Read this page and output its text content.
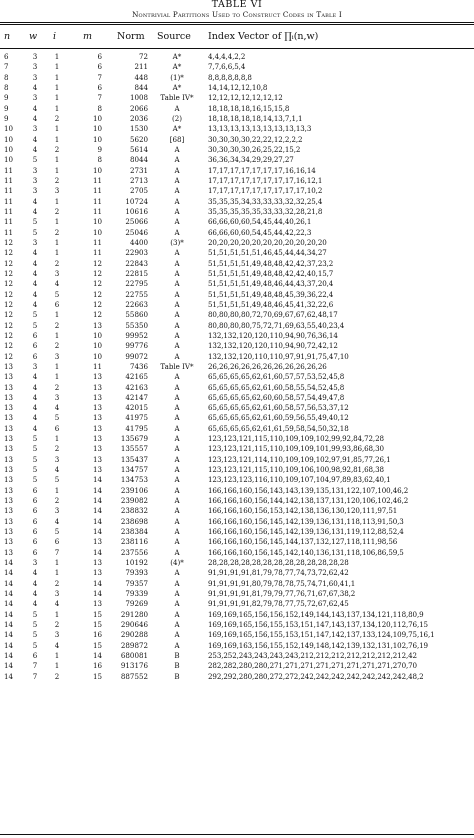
TABLE VI
Nontrivial Partitions Used to Construct Codes in Table I
n w i	m	Norm Source Index Vector of ∏ᵢ(n,w)
6	3	1	6	72	A*	4,4,4,4,2,2
7	3	1	6	211	A*	7,7,6,6,5,4
8	3	1	7	448	(1)*	8,8,8,8,8,8,8
8	4	1	6	844	A*	14,14,12,12,10,8
9	3	1	7	1008	Table IV*	12,12,12,12,12,12,12
9	4	1	8	2066	A	18,18,18,18,16,15,15,8
9	4	2	10	2036	(2)	18,18,18,18,18,14,13,7,1,1
10	3	1	10	1530	A*	13,13,13,13,13,13,13,13,13,3
10	4	1	10	5620	[68]	30,30,30,30,22,22,12,2,2,2
10	4	2	9	5614	A	30,30,30,30,26,25,22,15,2
10	5	1	8	8044	A	36,36,34,34,29,29,27,27
11	3	1	10	2731	A	17,17,17,17,17,17,17,16,16,14
11	3	2	11	2713	A	17,17,17,17,17,17,17,17,16,12,1
11	3	3	11	2705	A	17,17,17,17,17,17,17,17,17,10,2
11	4	1	11	10724	A	35,35,35,34,33,33,33,32,32,25,4
11	4	2	11	10616	A	35,35,35,35,35,33,33,32,28,21,8
11	5	1	10	25066	A	66,66,60,60,54,45,44,40,26,1
11	5	2	10	25046	A	66,66,60,60,54,45,44,42,22,3
12	3	1	11	4400	(3)*	20,20,20,20,20,20,20,20,20,20,20
12	4	1	11	22903	A	51,51,51,51,51,46,45,44,44,34,27
12	4	2	12	22843	A	51,51,51,51,49,48,48,42,42,37,23,2
12	4	3	12	22815	A	51,51,51,51,49,48,48,42,42,40,15,7
12	4	4	12	22795	A	51,51,51,51,49,48,46,44,43,37,20,4
12	4	5	12	22755	A	51,51,51,51,49,48,48,45,39,36,22,4
12	4	6	12	22663	A	51,51,51,51,49,48,46,45,41,32,22,6
12	5	1	12	55860	A	80,80,80,80,72,70,69,67,67,62,48,17
12	5	2	13	55350	A	80,80,80,80,75,72,71,69,63,55,40,23,4
12	6	1	10	99952	A	132,132,120,120,110,94,90,76,36,14
12	6	2	10	99776	A	132,132,120,120,110,94,90,72,42,12
12	6	3	10	99072	A	132,132,120,110,110,97,91,91,75,47,10
13	3	1	11	7436	Table IV*	26,26,26,26,26,26,26,26,26,26,26
13	4	1	13	42165	A	65,65,65,65,62,61,60,57,57,53,52,45,8
13	4	2	13	42163	A	65,65,65,65,62,61,60,58,55,54,52,45,8
13	4	3	13	42147	A	65,65,65,65,62,60,60,58,57,54,49,47,8
13	4	4	13	42015	A	65,65,65,65,62,61,60,58,57,56,53,37,12
13	4	5	13	41975	A	65,65,65,65,62,61,60,59,56,55,49,40,12
13	4	6	13	41795	A	65,65,65,65,62,61,61,59,58,54,50,32,18
13	5	1	13	135679	A	123,123,121,115,110,109,109,102,99,92,84,72,28
13	5	2	13	135557	A	123,123,121,115,110,109,109,101,99,93,86,68,30
13	5	3	13	135437	A	123,123,121,114,110,109,109,102,97,91,85,77,26,1
13	5	4	13	134757	A	123,123,121,115,110,109,106,100,98,92,81,68,38
13	5	5	14	134753	A	123,123,123,116,110,109,107,104,97,89,83,62,40,1
13	6	1	14	239106	A	166,166,160,156,143,143,139,135,131,122,107,100,46,2
13	6	2	14	239082	A	166,166,160,156,144,142,138,137,131,120,106,102,46,2
13	6	3	14	238832	A	166,166,160,156,153,142,138,136,130,120,111,97,51
13	6	4	14	238698	A	166,166,160,156,145,142,139,136,131,118,113,91,50,3
13	6	5	14	238384	A	166,166,160,156,145,142,139,136,131,119,112,88,52,4
13	6	6	13	238116	A	166,166,160,156,145,144,137,132,127,118,111,98,56
13	6	7	14	237556	A	166,166,160,156,145,142,140,136,131,118,106,86,59,5
14	3	1	13	10192	(4)*	28,28,28,28,28,28,28,28,28,28,28,28,28
14	4	1	13	79393	A	91,91,91,91,81,79,78,77,74,73,72,62,42
14	4	2	14	79357	A	91,91,91,91,80,79,78,78,75,74,71,60,41,1
14	4	3	14	79339	A	91,91,91,91,81,79,79,77,76,71,67,67,38,2
14	4	4	13	79269	A	91,91,91,91,82,79,78,77,75,72,67,62,45
14	5	1	15	291280	A	169,169,165,156,156,152,149,144,143,137,134,121,118,80,9
14	5	2	15	290646	A	169,169,165,156,155,153,151,147,143,137,134,120,112,76,15
14	5	3	16	290288	A	169,169,165,156,155,153,151,147,142,137,133,124,109,75,16,1
14	5	4	15	289872	A	169,169,163,156,155,152,149,148,142,139,132,131,102,76,19
14	6	1	14	680081	B	253,252,243,243,243,243,212,212,212,212,212,212,212,42
14	7	1	16	913176	B	282,282,280,280,271,271,271,271,271,271,271,271,270,70
14	7	2	15	887552	B	292,292,280,280,272,272,242,242,242,242,242,242,242,48,2
